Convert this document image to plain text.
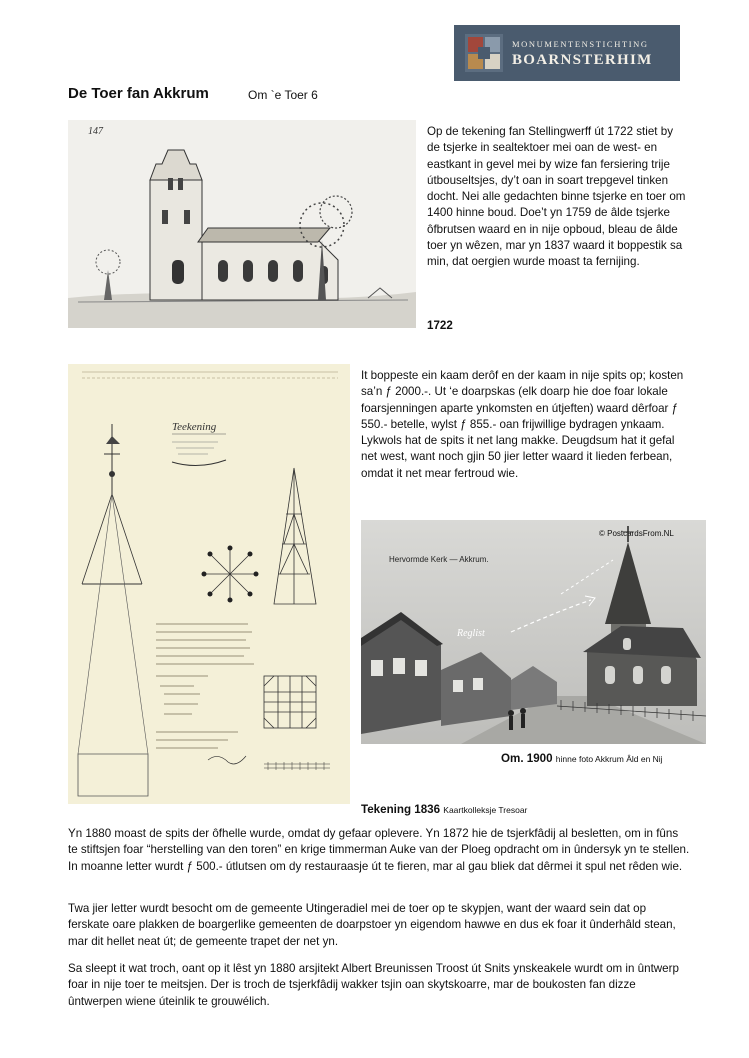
MONUMENTENSTICHTING
BOARNSTERHIM
De Toer fan Akkrum	Om `e Toer 6
147	Op de tekening fan Stellingwerff út 1722 stiet by de tsjerke in sealtektoer mei oan de west- en eastkant in gevel mei by wize fan fersiering trije útbouseltsjes, dy’t oan in soart trepgevel tinken docht. Nei alle gedachten binne tsjerke en toer om 1400 hinne boud. Doe’t yn 1759 de âlde tsjerke ôfbrutsen waard en in nije opboud, bleau de âlde toer yn wêzen, mar yn 1837 waard it boppestik sa min, dat oergien wurde moast ta fernijing.
1722
Teekening
It boppeste ein kaam derôf en der kaam in nije spits op; kosten sa’n ƒ 2000.-. Ut ‘e doarpskas (elk doarp hie doe foar lokale foarsjenningen aparte ynkomsten en útjeften) waard dêrfoar ƒ 550.- betelle, wylst ƒ 855.- oan frijwillige bydragen ynkaam. Lykwols hat de spits it net lang makke. Deugdsum hat it gefal net west, want noch gjin 50 jier letter waard it lieden ferbean, omdat it net mear fertroud wie.
Hervormde Kerk — Akkrum.
© PostcardsFrom.NL
Reglist
Om. 1900 hinne foto Akkrum Âld en Nij
Tekening 1836 Kaartkolleksje Tresoar
Yn 1880 moast de spits der ôfhelle wurde, omdat dy gefaar oplevere. Yn 1872 hie de tsjerkfâdij al besletten, om in fûns te stiftsjen foar “herstelling van den toren” en krige timmerman Auke van der Ploeg opdracht om in ûndersyk yn te stellen. In moanne letter wurdt ƒ 500.- útlutsen om dy restauraasje út te fieren, mar al gau bliek dat dêrmei it spul net rêden wie.
Twa jier letter wurdt besocht om de gemeente Utingeradiel mei de toer op te skypjen, want der waard sein dat op ferskate oare plakken de boargerlike gemeenten de doarpstoer yn eigendom hawwe en dus ek foar it ûnderhâld stean, mar dit hellet neat út; de gemeente trapet der net yn.
Sa sleept it wat troch, oant op it lêst yn 1880 arsjitekt Albert Breunissen Troost út Snits ynskeakele wurdt om in ûntwerp foar in nije toer te meitsjen. Der is troch de tsjerkfâdij wakker tsjin oan skytskoarre, mar de boukosten fan dizze ûntwerpen wiene úteinlik te grouwélich.
